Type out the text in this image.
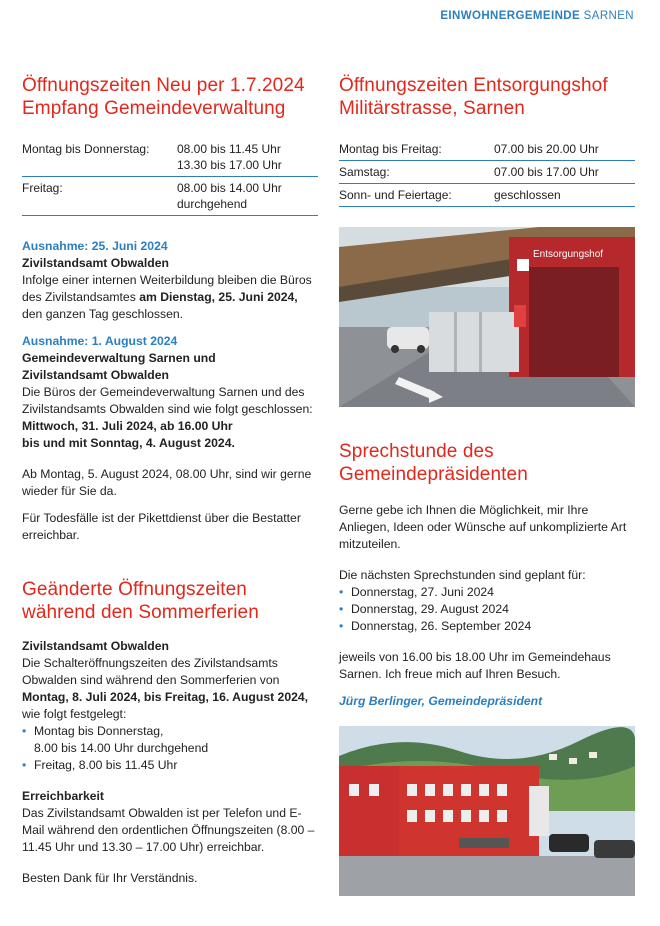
EINWOHNERGEMEINDE SARNEN
Öffnungszeiten Neu per 1.7.2024
Empfang Gemeindeverwaltung
Montag bis Donnerstag:	08.00 bis 11.45 Uhr
13.30 bis 17.00 Uhr

Freitag:	08.00 bis 14.00 Uhr
durchgehend
Ausnahme: 25. Juni 2024
Zivilstandsamt Obwalden

Infolge einer internen Weiterbildung bleiben die Büros des Zivilstandsamtes am Dienstag, 25. Juni 2024, den ganzen Tag geschlossen.

Ausnahme: 1. August 2024
Gemeindeverwaltung Sarnen und
Zivilstandsamt Obwalden
Die Büros der Gemeindeverwaltung Sarnen und des Zivilstandsamts Obwalden sind wie folgt geschlossen:
Mittwoch, 31. Juli 2024, ab 16.00 Uhr

bis und mit Sonntag, 4. August 2024.

Ab Montag, 5. August 2024, 08.00 Uhr, sind wir gerne wieder für Sie da.

Für Todesfälle ist der Pikettdienst über die Bestatter erreichbar.

Geänderte Öffnungszeiten
während den Sommerferien
Zivilstandsamt Obwalden
Die Schalteröffnungszeiten des Zivilstandsamts Obwalden sind während den Sommerferien von Montag, 8. Juli 2024, bis Freitag, 16. August 2024, wie folgt festgelegt:
• Montag bis Donnerstag,
8.00 bis 14.00 Uhr durchgehend
• Freitag, 8.00 bis 11.45 Uhr
Erreichbarkeit

Das Zivilstandsamt Obwalden ist per Telefon und E-Mail während den ordentlichen Öffnungszeiten (8.00 – 11.45 Uhr und 13.30 – 17.00 Uhr) erreichbar.

Besten Dank für Ihr Verständnis.

Öffnungszeiten Entsorgungshof
Militärstrasse, Sarnen
Montag bis Freitag:	07.00 bis 20.00 Uhr
Samstag:	07.00 bis 17.00 Uhr
Sonn- und Feiertage:	geschlossen
Entsorgungshof
Sprechstunde des
Gemeindepräsidenten

Gerne gebe ich Ihnen die Möglichkeit, mir Ihre Anliegen, Ideen oder Wünsche auf unkomplizierte Art mitzuteilen.

Die nächsten Sprechstunden sind geplant für:
• Donnerstag, 27. Juni 2024
• Donnerstag, 29. August 2024
• Donnerstag, 26. September 2024

jeweils von 16.00 bis 18.00 Uhr im Gemeindehaus Sarnen. Ich freue mich auf Ihren Besuch.

Jürg Berlinger, Gemeindepräsident
